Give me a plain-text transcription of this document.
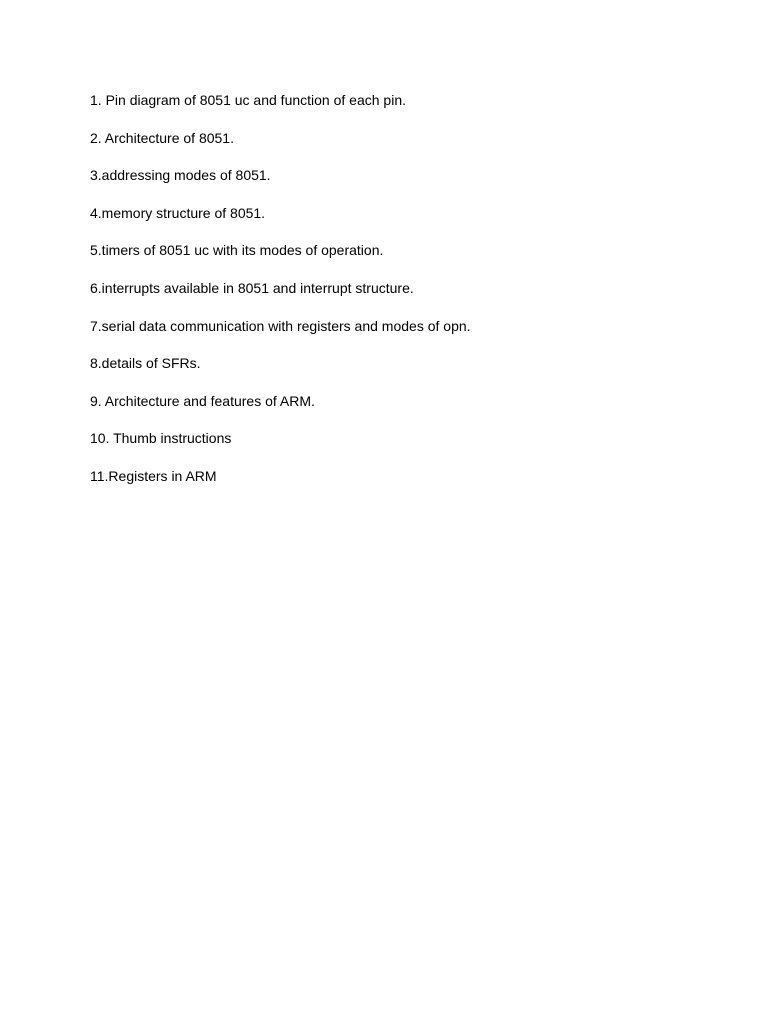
1. Pin diagram of 8051 uc and function of each pin.
2. Architecture of 8051.
3.addressing modes of 8051.
4.memory structure of 8051.
5.timers of 8051 uc with its modes of operation.
6.interrupts available in 8051 and interrupt structure.
7.serial data communication with registers and modes of opn.
8.details of SFRs.
9. Architecture and features of ARM.
10. Thumb instructions
11.Registers in ARM
